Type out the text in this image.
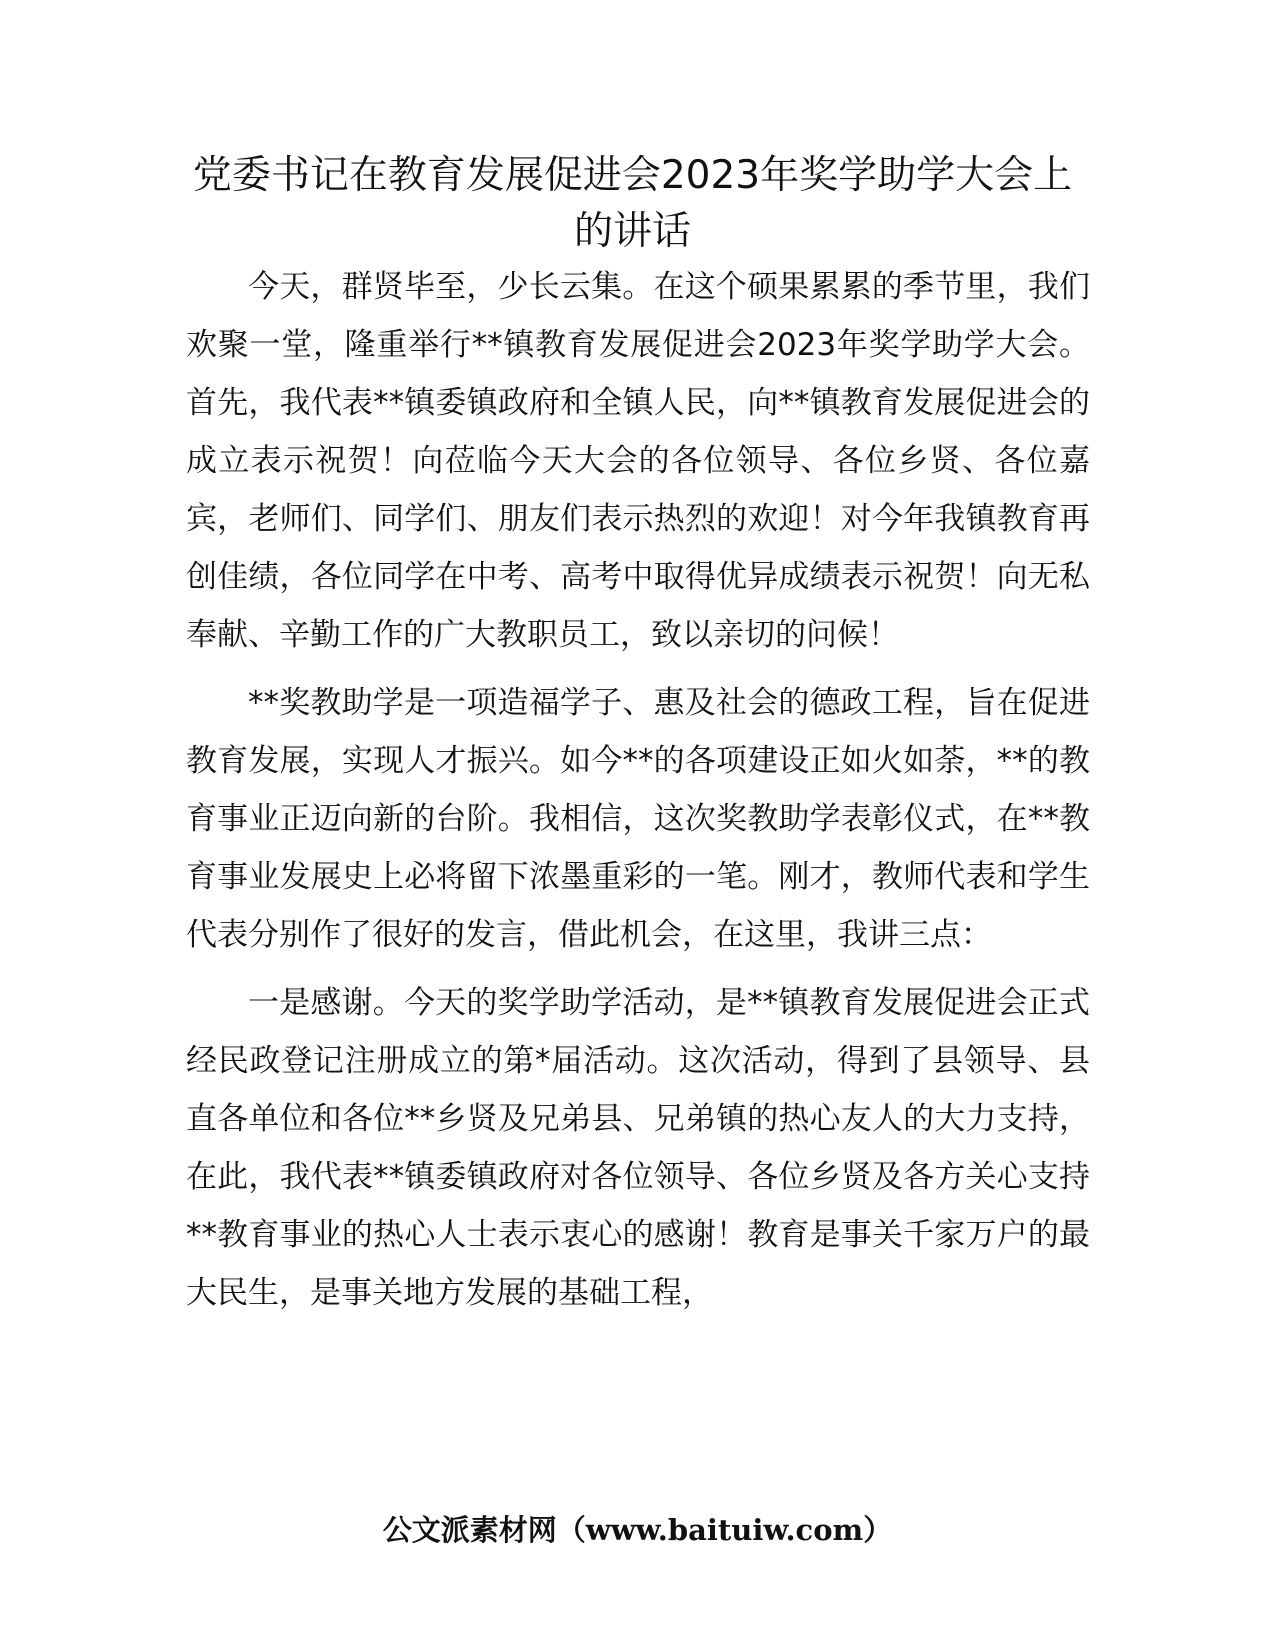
党委书记在教育发展促进会2023年奖学助学大会上的讲话

今天，群贤毕至，少长云集。在这个硕果累累的季节里，我们欢聚一堂，隆重举行**镇教育发展促进会2023年奖学助学大会。首先，我代表**镇委镇政府和全镇人民，向**镇教育发展促进会的成立表示祝贺！向莅临今天大会的各位领导、各位乡贤、各位嘉宾，老师们、同学们、朋友们表示热烈的欢迎！对今年我镇教育再创佳绩，各位同学在中考、高考中取得优异成绩表示祝贺！向无私奉献、辛勤工作的广大教职员工，致以亲切的问候！

**奖教助学是一项造福学子、惠及社会的德政工程，旨在促进教育发展，实现人才振兴。如今**的各项建设正如火如荼，**的教育事业正迈向新的台阶。我相信，这次奖教助学表彰仪式，在**教育事业发展史上必将留下浓墨重彩的一笔。刚才，教师代表和学生代表分别作了很好的发言，借此机会，在这里，我讲三点：

一是感谢。今天的奖学助学活动，是**镇教育发展促进会正式经民政登记注册成立的第*届活动。这次活动，得到了县领导、县直各单位和各位**乡贤及兄弟县、兄弟镇的热心友人的大力支持，在此，我代表**镇委镇政府对各位领导、各位乡贤及各方关心支持**教育事业的热心人士表示衷心的感谢！教育是事关千家万户的最大民生，是事关地方发展的基础工程，

公文派素材网（www.baituiw.com）
